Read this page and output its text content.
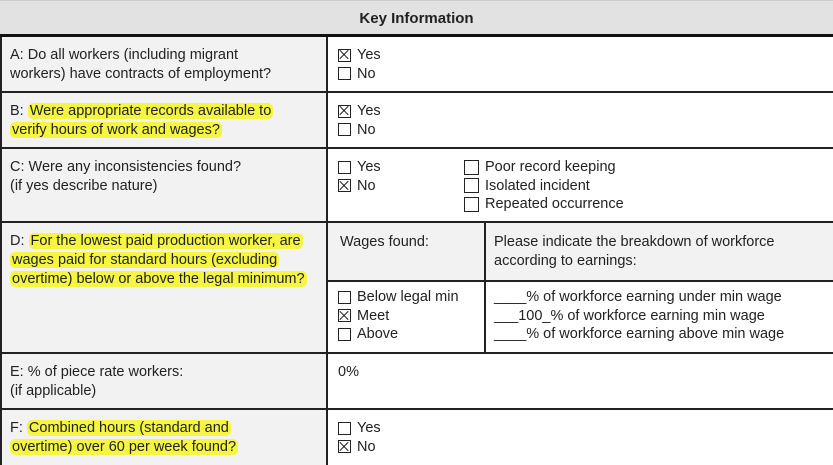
Key Information
A: Do all workers (including migrant
workers) have contracts of employment?
Yes
No
B: Were appropriate records available to verify hours of work and wages?
Yes
No
C: Were any inconsistencies found?
(if yes describe nature)
Yes
No
Poor record keeping
Isolated incident
Repeated occurrence
D: For the lowest paid production worker, are wages paid for standard hours (excluding overtime) below or above the legal minimum?
Wages found:	Please indicate the breakdown of workforce according to earnings:
Below legal min
Meet
Above
____% of workforce earning under min wage
___100_% of workforce earning min wage
____% of workforce earning above min wage
E: % of piece rate workers:
(if applicable)
0%
F: Combined hours (standard and overtime) over 60 per week found?
Yes
No
